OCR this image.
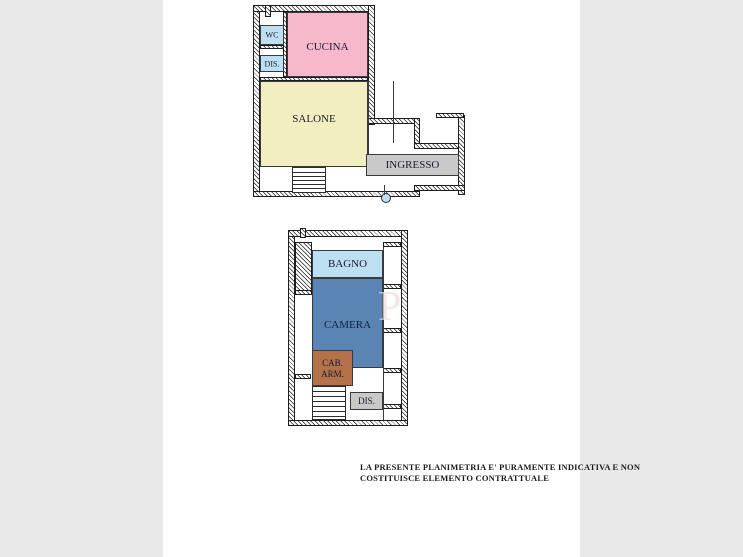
WC
DIS.
CUCINA
SALONE
INGRESSO
BAGNO
CAMERA
CAB.
ARM.
DIS.
P
LA PRESENTE PLANIMETRIA E' PURAMENTE INDICATIVA E NON
COSTITUISCE ELEMENTO CONTRATTUALE
